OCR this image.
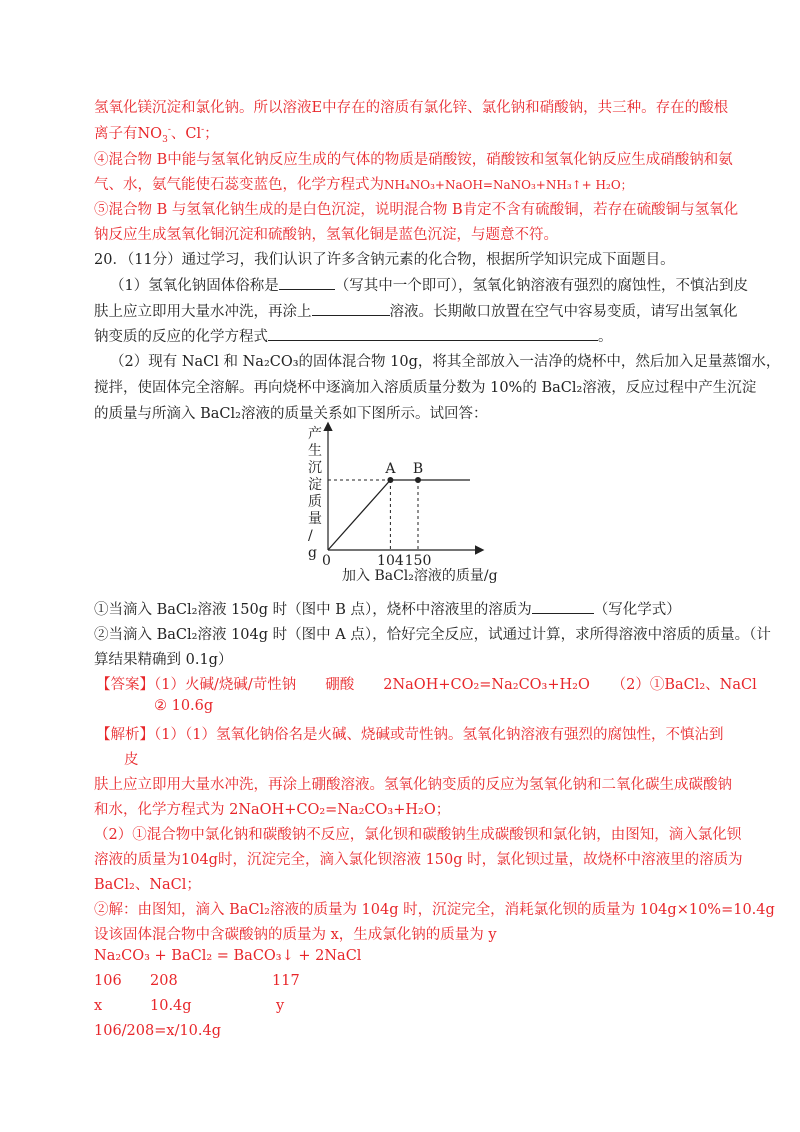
氢氧化镁沉淀和氯化钠。所以溶液E中存在的溶质有氯化锌、氯化钠和硝酸钠，共三种。存在的酸根
离子有$NO_3^-$、Cl-；
④混合物 B中能与氢氧化钠反应生成的气体的物质是硝酸铵，硝酸铵和氢氧化钠反应生成硝酸钠和氨
气、水，氨气能使石蕊变蓝色，化学方程式为NH₄NO₃+NaOH=NaNO₃+NH₃↑+ H₂O；
⑤混合物 B 与氢氧化钠生成的是白色沉淀，说明混合物 B肯定不含有硫酸铜，若存在硫酸铜与氢氧化
钠反应生成氢氧化铜沉淀和硫酸钠，氢氧化铜是蓝色沉淀，与题意不符。
20．（11分）通过学习，我们认识了许多含钠元素的化合物，根据所学知识完成下面题目。
（1）氢氧化钠固体俗称是	（写其中一个即可），氢氧化钠溶液有强烈的腐蚀性，不慎沾到皮
肤上应立即用大量水冲洗，再涂上	溶液。长期敞口放置在空气中容易变质，请写出氢氧化
钠变质的反应的化学方程式	。
（2）现有 NaCl 和 Na₂CO₃的固体混合物 10g，将其全部放入一洁净的烧杯中，然后加入足量蒸馏水，
搅拌，使固体完全溶解。再向烧杯中逐滴加入溶质质量分数为 10%的 BaCl₂溶液，反应过程中产生沉淀
的质量与所滴入 BaCl₂溶液的质量关系如下图所示。试回答：
产
生
沉
淀
质
量
/
g 0
A B
104 150
加入 BaCl₂溶液的质量/g
①当滴入 BaCl₂溶液 150g 时（图中 B 点），烧杯中溶液里的溶质为	（写化学式）
②当滴入 BaCl₂溶液 104g 时（图中 A 点），恰好完全反应，试通过计算，求所得溶液中溶质的质量。（计
算结果精确到 0.1g）
【答案】（1）火碱/烧碱/苛性钠　　硼酸　　2NaOH+CO₂=Na₂CO₃+H₂O　　（2）①BaCl₂、NaCl
② 10.6g
【解析】（1）（1）氢氧化钠俗名是火碱、烧碱或苛性钠。氢氧化钠溶液有强烈的腐蚀性，不慎沾到
皮
肤上应立即用大量水冲洗，再涂上硼酸溶液。氢氧化钠变质的反应为氢氧化钠和二氧化碳生成碳酸钠
和水，化学方程式为 2NaOH+CO₂=Na₂CO₃+H₂O；
（2）①混合物中氯化钠和碳酸钠不反应，氯化钡和碳酸钠生成碳酸钡和氯化钠，由图知，滴入氯化钡
溶液的质量为104g时，沉淀完全，滴入氯化钡溶液 150g 时，氯化钡过量，故烧杯中溶液里的溶质为
BaCl₂、NaCl；
②解：由图知，滴入 BaCl₂溶液的质量为 104g 时，沉淀完全，消耗氯化钡的质量为 104g×10%=10.4g
设该固体混合物中含碳酸钠的质量为 x，生成氯化钠的质量为 y
Na₂CO₃ + BaCl₂ = BaCO₃↓ + 2NaCl
106 208	117
x	10.4g	y
106/208=x/10.4g
